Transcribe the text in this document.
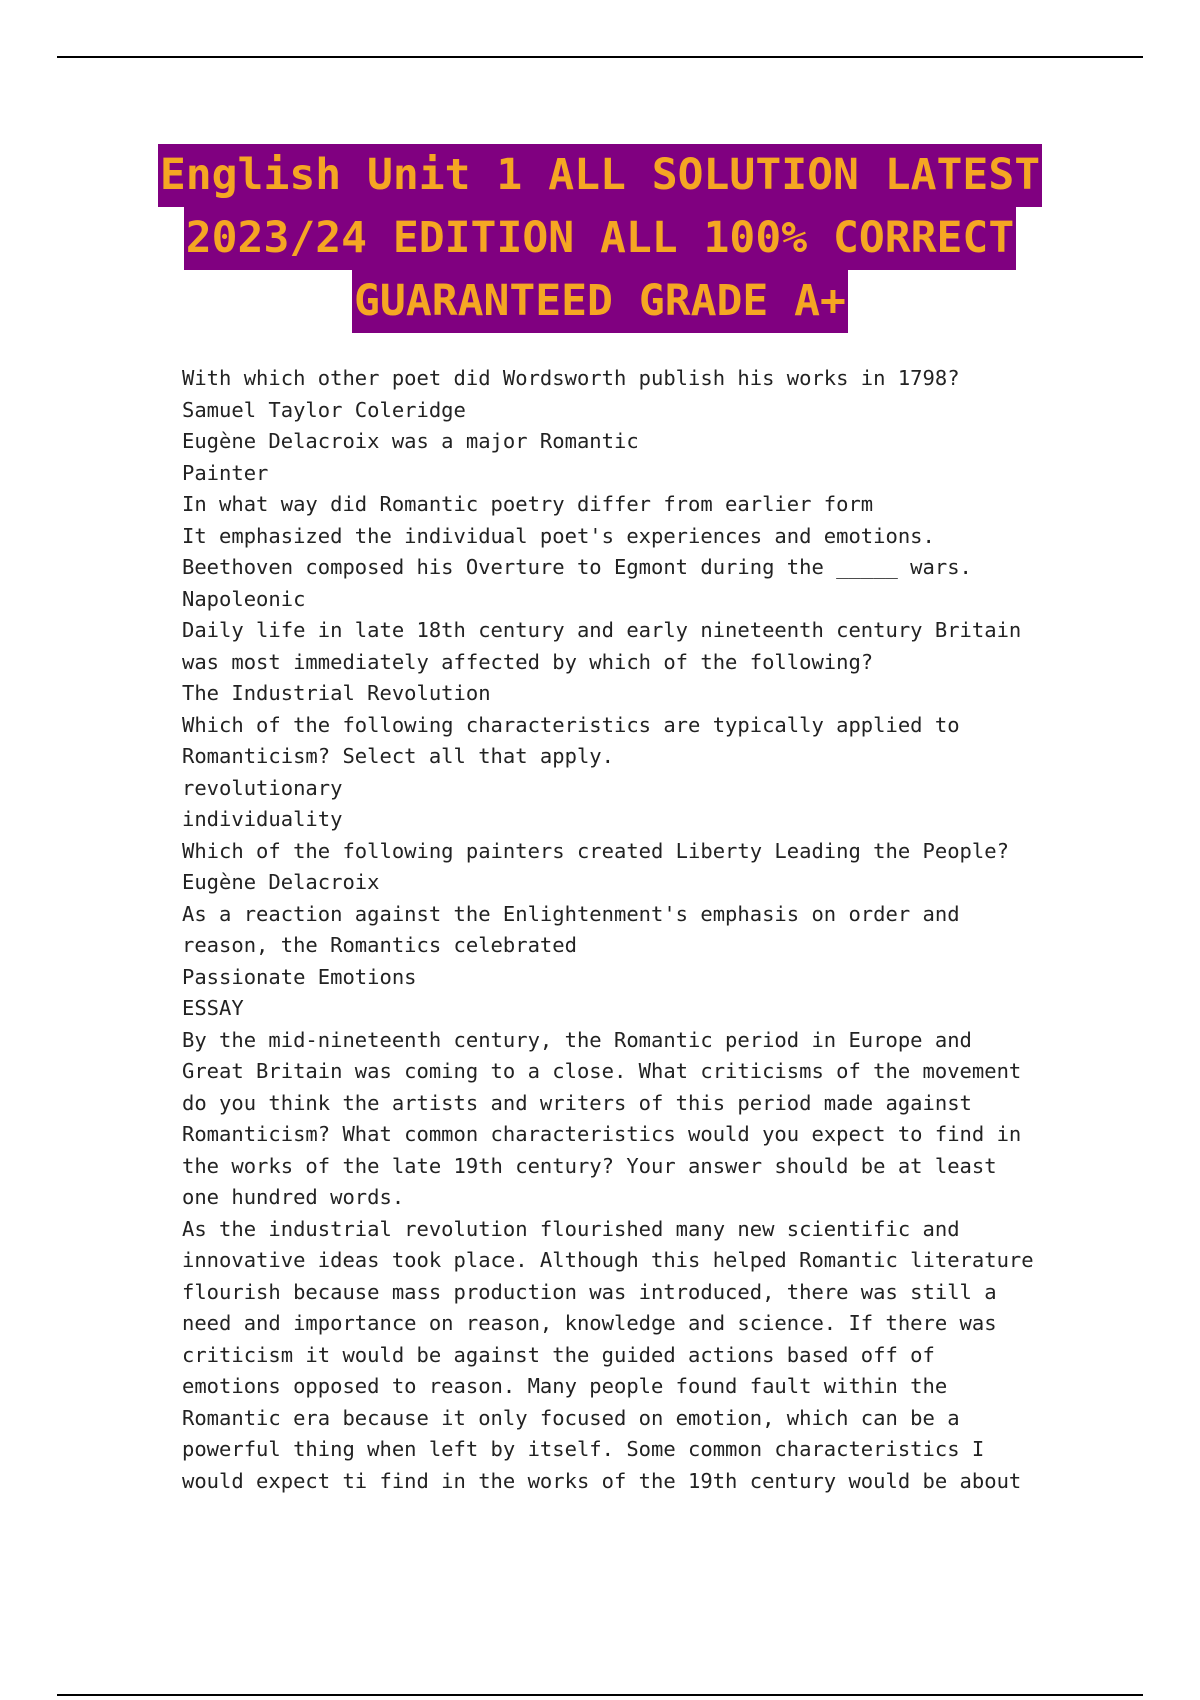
English Unit 1 ALL SOLUTION LATEST
2023/24 EDITION ALL 100% CORRECT
GUARANTEED GRADE A+
With which other poet did Wordsworth publish his works in 1798?
Samuel Taylor Coleridge
Eugène Delacroix was a major Romantic
Painter
In what way did Romantic poetry differ from earlier form
It emphasized the individual poet's experiences and emotions.
Beethoven composed his Overture to Egmont during the _____ wars.
Napoleonic
Daily life in late 18th century and early nineteenth century Britain
was most immediately affected by which of the following?
The Industrial Revolution
Which of the following characteristics are typically applied to
Romanticism? Select all that apply.
revolutionary
individuality
Which of the following painters created Liberty Leading the People?
Eugène Delacroix
As a reaction against the Enlightenment's emphasis on order and
reason, the Romantics celebrated
Passionate Emotions
ESSAY
By the mid-nineteenth century, the Romantic period in Europe and
Great Britain was coming to a close. What criticisms of the movement
do you think the artists and writers of this period made against
Romanticism? What common characteristics would you expect to find in
the works of the late 19th century? Your answer should be at least
one hundred words.
As the industrial revolution flourished many new scientific and
innovative ideas took place. Although this helped Romantic literature
flourish because mass production was introduced, there was still a
need and importance on reason, knowledge and science. If there was
criticism it would be against the guided actions based off of
emotions opposed to reason. Many people found fault within the
Romantic era because it only focused on emotion, which can be a
powerful thing when left by itself. Some common characteristics I
would expect ti find in the works of the 19th century would be about
